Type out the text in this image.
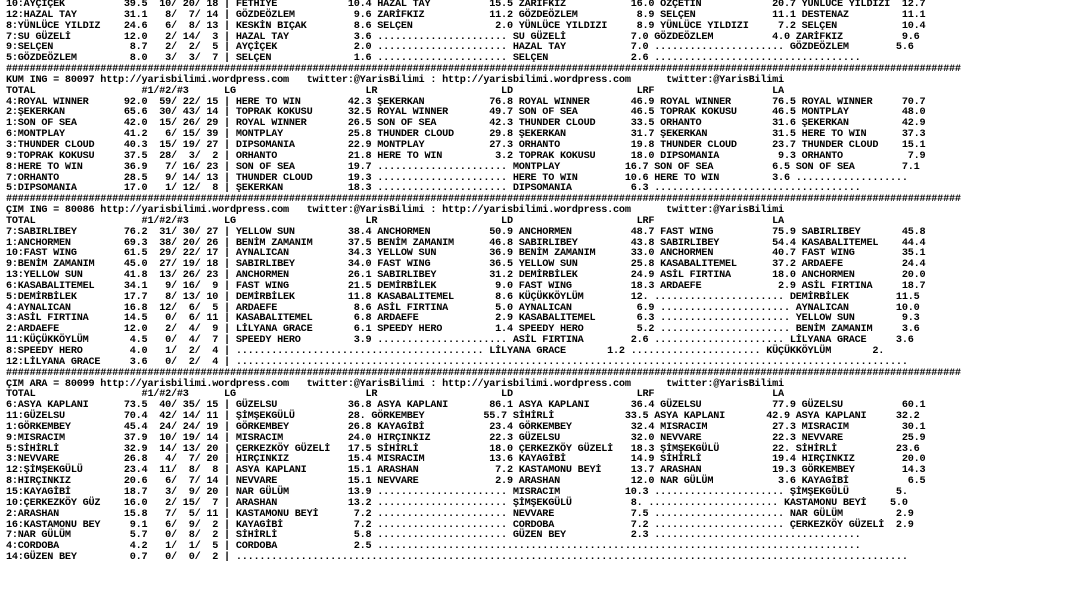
10:AYÇİÇEK          39.5  10/ 20/ 18 | FETHİYE            10.4 HAZAL TAY          15.5 ZARİFKIZ           16.0 ÖZÇETİN            20.7 YÜNLÜCE YILDIZI  12.7
12:HAZAL TAY        31.1   8/  7/ 14 | GÖZDEÖZLEM          9.6 ZARİFKIZ           11.2 GÖZDEÖZLEM          8.9 SELÇEN             11.1 DESTENAZ         11.1
8:YÜNLÜCE YILDIZ    24.6   6/  8/ 13 | KESKİN BIÇAK        8.6 SELÇEN              2.0 YÜNLÜCE YILDIZI     8.9 YÜNLÜCE YILDIZI     7.2 SELÇEN           10.4
7:SU GÜZELİ         12.0   2/ 14/  3 | HAZAL TAY           3.6 ...................... SU GÜZELİ           7.0 GÖZDEÖZLEM          4.0 ZARİFKIZ          9.6
9:SELÇEN             8.7   2/  2/  5 | AYÇİÇEK             2.0 ...................... HAZAL TAY           7.0 ...................... GÖZDEÖZLEM        5.6
5:GÖZDEÖZLEM         8.0   3/  3/  7 | SELÇEN              1.6 ...................... SELÇEN              2.6 ...................................
##################################################################################################################################################################
KUM ING = 80097 http://yarisbilimi.wordpress.com   twitter:@YarisBilimi : http://yarisbilimi.wordpress.com      twitter:@YarisBilimi
TOTAL                  #1/#2/#3      LG                      LR                     LD                     LRF                    LA
4:ROYAL WINNER      92.0  59/ 22/ 15 | HERE TO WIN        42.3 ŞEKERKAN           76.8 ROYAL WINNER       46.9 ROYAL WINNER       76.5 ROYAL WINNER     70.7
2:ŞEKERKAN          65.6  30/ 43/ 14 | TOPRAK KOKUSU      32.5 ROYAL WINNER       49.7 SON OF SEA         46.5 TOPRAK KOKUSU      46.5 MONTPLAY         48.0
1:SON OF SEA        42.0  15/ 26/ 29 | ROYAL WINNER       26.5 SON OF SEA         42.3 THUNDER CLOUD      33.5 ORHANTO            31.6 ŞEKERKAN         42.9
6:MONTPLAY          41.2   6/ 15/ 39 | MONTPLAY           25.8 THUNDER CLOUD      29.8 ŞEKERKAN           31.7 ŞEKERKAN           31.5 HERE TO WIN      37.3
3:THUNDER CLOUD     40.3  15/ 19/ 27 | DIPSOMANIA         22.9 MONTPLAY           27.3 ORHANTO            19.8 THUNDER CLOUD      23.7 THUNDER CLOUD    15.1
9:TOPRAK KOKUSU     37.5  28/  3/  2 | ORHANTO            21.8 HERE TO WIN         3.2 TOPRAK KOKUSU      18.0 DIPSOMANIA          9.3 ORHANTO           7.9
8:HERE TO WIN       36.9   7/ 16/ 23 | SON OF SEA         19.7 ...................... MONTPLAY           16.7 SON OF SEA          6.5 SON OF SEA        7.1
7:ORHANTO           28.5   9/ 14/ 13 | THUNDER CLOUD      19.3 ...................... HERE TO WIN        10.6 HERE TO WIN         3.6 ...................
5:DIPSOMANIA        17.0   1/ 12/  8 | ŞEKERKAN           18.3 ...................... DIPSOMANIA          6.3 ...................................
##################################################################################################################################################################
ÇIM ING = 80086 http://yarisbilimi.wordpress.com   twitter:@YarisBilimi : http://yarisbilimi.wordpress.com      twitter:@YarisBilimi
TOTAL                  #1/#2/#3      LG                      LR                     LD                     LRF                    LA
7:SABIRLIBEY        76.2  31/ 30/ 27 | YELLOW SUN         38.4 ANCHORMEN          50.9 ANCHORMEN          48.7 FAST WING          75.9 SABIRLIBEY       45.8
1:ANCHORMEN         69.3  38/ 20/ 26 | BENİM ZAMANIM      37.5 BENİM ZAMANIM      46.8 SABIRLIBEY         43.8 SABIRLIBEY         54.4 KASABALITEMEL    44.4
10:FAST WING        61.5  29/ 22/ 17 | AYNALICAN          34.3 YELLOW SUN         36.9 BENİM ZAMANIM      33.0 ANCHORMEN          40.7 FAST WING        35.1
9:BENİM ZAMANIM     45.0  27/ 19/ 18 | SABIRLIBEY         34.0 FAST WING          36.5 YELLOW SUN         25.8 KASABALITEMEL      37.2 ARDAEFE          24.4
13:YELLOW SUN       41.8  13/ 26/ 23 | ANCHORMEN          26.1 SABIRLIBEY         31.2 DEMİRBİLEK         24.9 ASİL FIRTINA       18.0 ANCHORMEN        20.0
6:KASABALITEMEL     34.1   9/ 16/  9 | FAST WING          21.5 DEMİRBİLEK          9.0 FAST WING          18.3 ARDAEFE             2.9 ASİL FIRTINA     18.7
5:DEMİRBİLEK        17.7   8/ 13/ 10 | DEMİRBİLEK         11.8 KASABALITEMEL       8.6 KÜÇÜKKÖYLÜM        12. ...................... DEMİRBİLEK        11.5
4:AYNALICAN         16.8  12/  6/  5 | ARDAEFE             8.6 ASİL FIRTINA        5.0 AYNALICAN           6.9 ...................... AYNALICAN        10.0
3:ASİL FIRTINA      14.5   0/  6/ 11 | KASABALITEMEL       6.8 ARDAEFE             2.9 KASABALITEMEL       6.3 ...................... YELLOW SUN        9.3
2:ARDAEFE           12.0   2/  4/  9 | LİLYANA GRACE       6.1 SPEEDY HERO         1.4 SPEEDY HERO         5.2 ...................... BENİM ZAMANIM     3.6
11:KÜÇÜKKÖYLÜM       4.5   0/  4/  7 | SPEEDY HERO         3.9 ...................... ASİL FIRTINA        2.6 ...................... LİLYANA GRACE     3.6
8:SPEEDY HERO        4.0   1/  2/  4 | .......................................... LİLYANA GRACE       1.2 ...................... KÜÇÜKKÖYLÜM       2.
12:LİLYANA GRACE     3.6   0/  2/  4 | ..................................................................................................................
##################################################################################################################################################################
ÇIM ARA = 80099 http://yarisbilimi.wordpress.com   twitter:@YarisBilimi : http://yarisbilimi.wordpress.com      twitter:@YarisBilimi
TOTAL                  #1/#2/#3      LG                      LR                     LD                     LRF                    LA
6:ASYA KAPLANI      73.5  40/ 35/ 15 | GÜZELSU            36.8 ASYA KAPLANI       86.1 ASYA KAPLANI       36.4 GÜZELSU            77.9 GÜZELSU          60.1
11:GÜZELSU          70.4  42/ 14/ 11 | ŞİMŞEKGÜLÜ         28. GÖRKEMBEY          55.7 SİHİRLİ            33.5 ASYA KAPLANI       42.9 ASYA KAPLANI     32.2
1:GÖRKEMBEY         45.4  24/ 24/ 19 | GÖRKEMBEY          26.8 KAYAGİBİ           23.4 GÖRKEMBEY          32.4 MISRACIM           27.3 MISRACIM         30.1
9:MISRACIM          37.9  10/ 19/ 14 | MISRACIM           24.0 HIRÇINKIZ          22.3 GÜZELSU            32.0 NEVVARE            22.3 NEVVARE          25.9
5:SİHİRLİ           32.9  14/ 13/ 20 | ÇERKEZKÖY GÜZELİ   17.5 SİHİRLİ            18.0 ÇERKEZKÖY GÜZELİ   18.3 ŞİMŞEKGÜLÜ         22. SİHİRLİ          23.6
3:NEVVARE           26.8   4/  7/ 20 | HIRÇINKIZ          15.4 MISRACIM           13.6 KAYAGİBİ           14.9 SİHİRLİ            19.4 HIRÇINKIZ        20.0
12:ŞİMŞEKGÜLÜ       23.4  11/  8/  8 | ASYA KAPLANI       15.1 ARASHAN             7.2 KASTAMONU BEYİ     13.7 ARASHAN            19.3 GÖRKEMBEY        14.3
8:HIRÇINKIZ         20.6   6/  7/ 14 | NEVVARE            15.1 NEVVARE             2.9 ARASHAN            12.0 NAR GÜLÜM           3.6 KAYAGİBİ          6.5
15:KAYAGİBİ         18.7   3/  9/ 20 | NAR GÜLÜM          13.9 ...................... MISRACIM           10.3 ...................... ŞİMŞEKGÜLÜ        5.
10:ÇERKEZKÖY GÜZ    16.0   2/ 15/  7 | ARASHAN            13.2 ...................... ŞİMŞEKGÜLÜ          8. ...................... KASTAMONU BEYİ    5.0
2:ARASHAN           15.8   7/  5/ 11 | KASTAMONU BEYİ      7.2 ...................... NEVVARE             7.5 ...................... NAR GÜLÜM         2.9
16:KASTAMONU BEY     9.1   6/  9/  2 | KAYAGİBİ            7.2 ...................... CORDOBA             7.2 ...................... ÇERKEZKÖY GÜZELİ  2.9
7:NAR GÜLÜM          5.7   0/  8/  2 | SİHİRLİ             5.8 ...................... GÜZEN BEY           2.3 ...................................
4:CORDOBA            4.2   1/  1/  5 | CORDOBA             2.5 ..................................................................................
14:GÜZEN BEY         0.7   0/  0/  2 | ..................................................................................................................
